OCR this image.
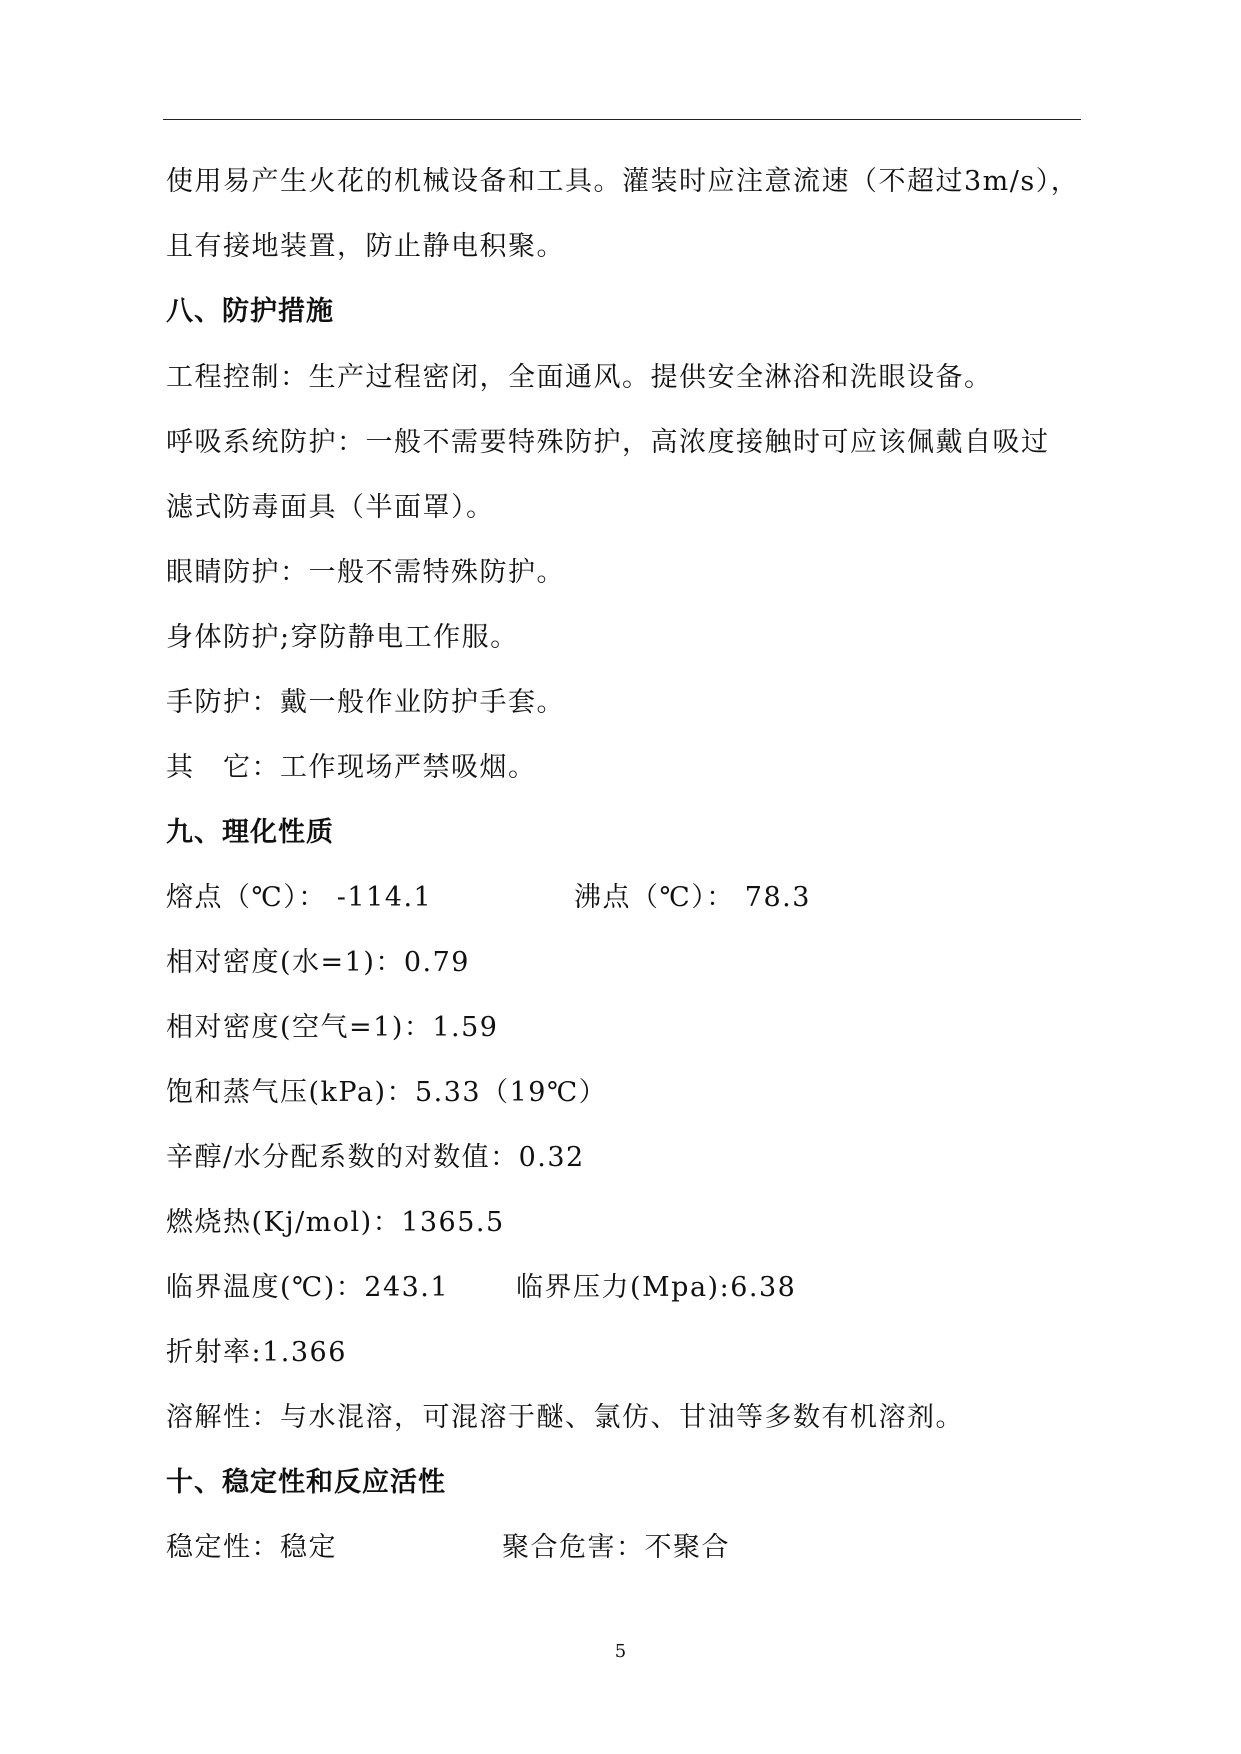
使用易产生火花的机械设备和工具。灌装时应注意流速（不超过3m/s），
且有接地装置，防止静电积聚。
八、防护措施
工程控制：生产过程密闭，全面通风。提供安全淋浴和洗眼设备。
呼吸系统防护：一般不需要特殊防护，高浓度接触时可应该佩戴自吸过
滤式防毒面具（半面罩）。
眼睛防护：一般不需特殊防护。
身体防护;穿防静电工作服。
手防护：戴一般作业防护手套。
其　它：工作现场严禁吸烟。
九、理化性质
熔点（℃）： -114.1	沸点（℃）： 78.3
相对密度(水=1)：0.79
相对密度(空气=1)：1.59
饱和蒸气压(kPa)：5.33（19℃）
辛醇/水分配系数的对数值：0.32
燃烧热(Kj/mol)：1365.5
临界温度(℃)：243.1 临界压力(Mpa):6.38
折射率:1.366
溶解性：与水混溶，可混溶于醚、氯仿、甘油等多数有机溶剂。
十、稳定性和反应活性
稳定性：稳定	聚合危害：不聚合
5
